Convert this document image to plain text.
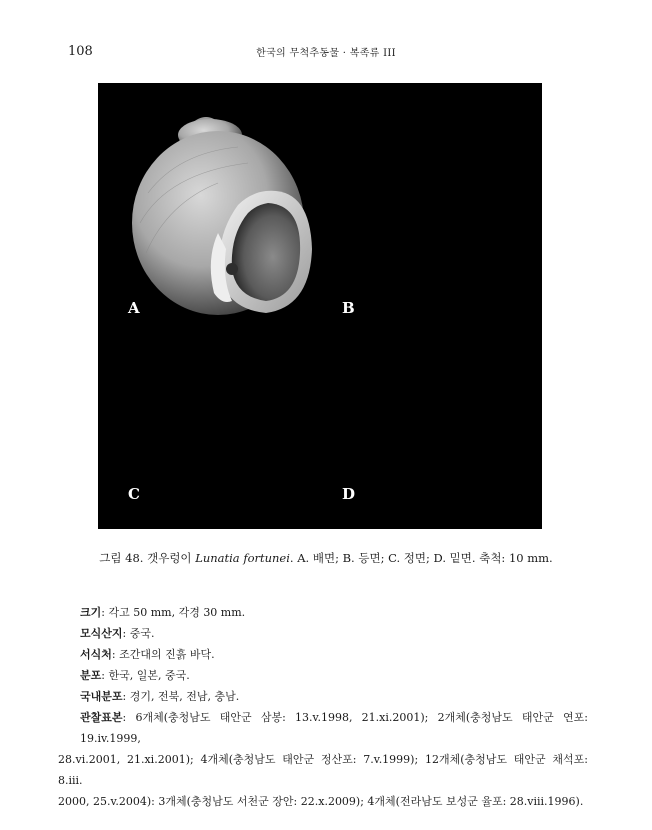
108	한국의 무척추동물 · 복족류 III
A	B
C	D
그림 48. 갯우렁이 Lunatia fortunei. A. 배면; B. 등면; C. 정면; D. 밑면. 축척: 10 mm.

크기: 각고 50 mm, 각경 30 mm.

모식산지: 중국.

서식처: 조간대의 진흙 바닥.

분포: 한국, 일본, 중국.

국내분포: 경기, 전북, 전남, 충남.

관찰표본: 6개체(충청남도 태안군 삼봉: 13.v.1998, 21.xi.2001); 2개체(충청남도 태안군 연포: 19.iv.1999,

28.vi.2001, 21.xi.2001); 4개체(충청남도 태안군 정산포: 7.v.1999); 12개체(충청남도 태안군 채석포: 8.iii.

2000, 25.v.2004): 3개체(충청남도 서천군 장안: 22.x.2009); 4개체(전라남도 보성군 율포: 28.viii.1996).
